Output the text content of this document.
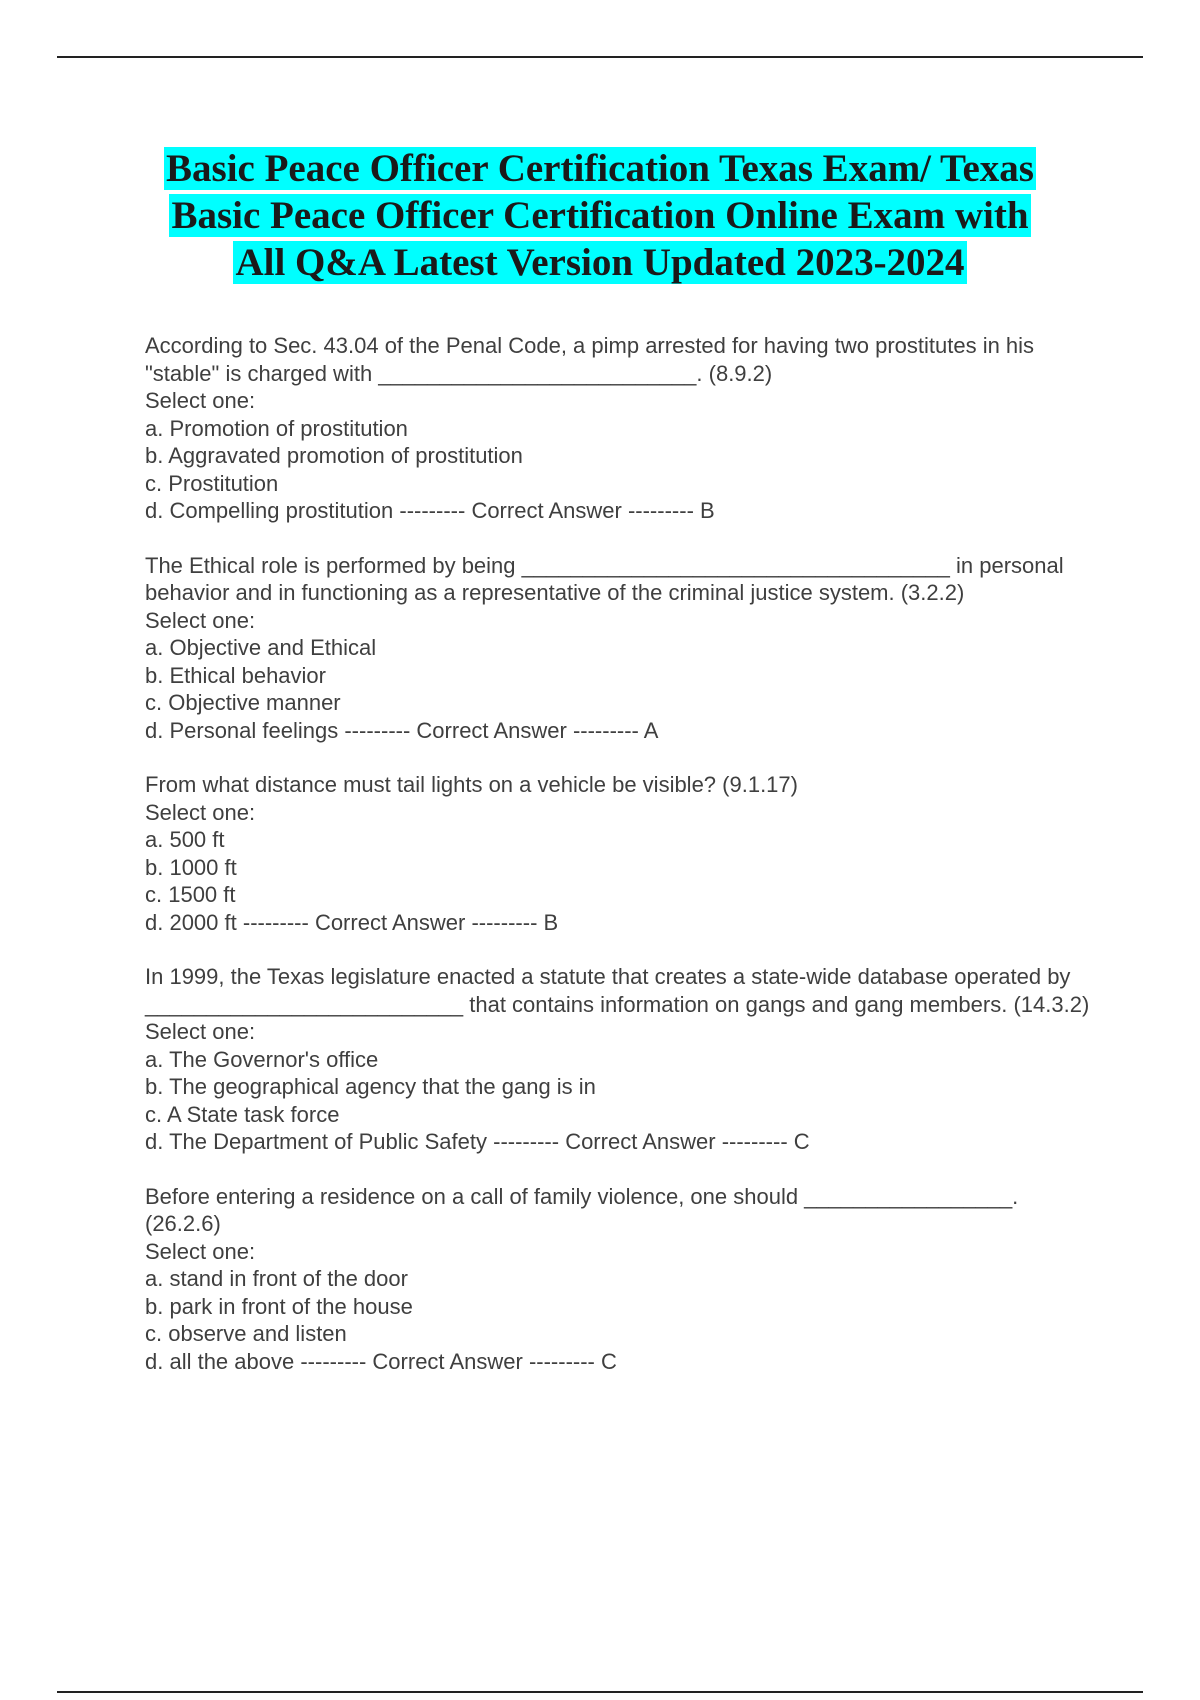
Basic Peace Officer Certification Texas Exam/ Texas
Basic Peace Officer Certification Online Exam with
All Q&A Latest Version Updated 2023-2024
According to Sec. 43.04 of the Penal Code, a pimp arrested for having two prostitutes in his "stable" is charged with __________________________. (8.9.2)
Select one:
a. Promotion of prostitution
b. Aggravated promotion of prostitution
c. Prostitution
d. Compelling prostitution --------- Correct Answer --------- B
The Ethical role is performed by being ___________________________________ in personal behavior and in functioning as a representative of the criminal justice system. (3.2.2)
Select one:
a. Objective and Ethical
b. Ethical behavior
c. Objective manner
d. Personal feelings --------- Correct Answer --------- A
From what distance must tail lights on a vehicle be visible? (9.1.17)
Select one:
a. 500 ft
b. 1000 ft
c. 1500 ft
d. 2000 ft --------- Correct Answer --------- B
In 1999, the Texas legislature enacted a statute that creates a state-wide database operated by __________________________ that contains information on gangs and gang members. (14.3.2)
Select one:
a. The Governor's office
b. The geographical agency that the gang is in
c. A State task force
d. The Department of Public Safety --------- Correct Answer --------- C
Before entering a residence on a call of family violence, one should _________________. (26.2.6)
Select one:
a. stand in front of the door
b. park in front of the house
c. observe and listen
d. all the above --------- Correct Answer --------- C
